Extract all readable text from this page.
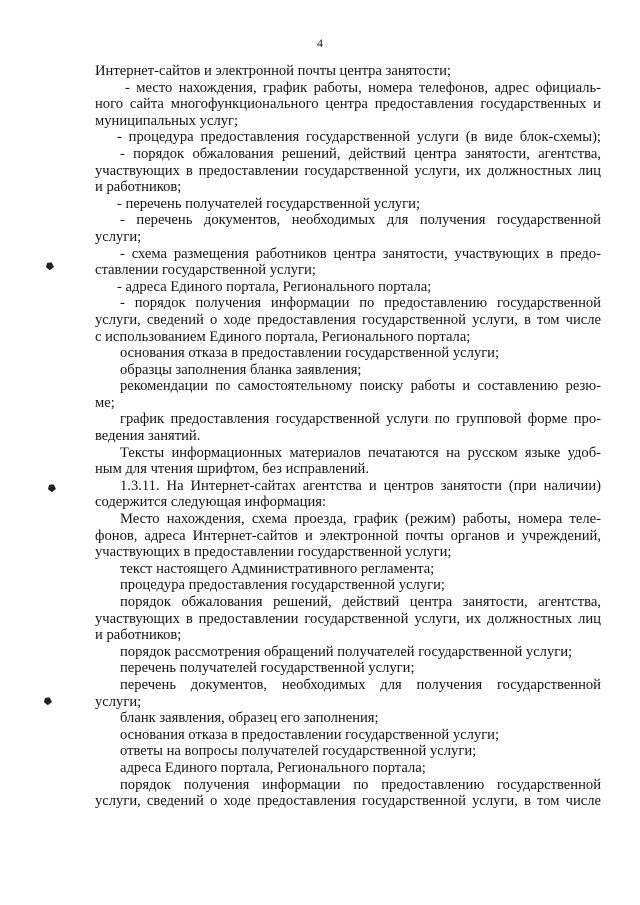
4
Интернет-сайтов и электронной почты центра занятости;
- место нахождения, график работы, номера телефонов, адрес официаль-
ного сайта многофункционального центра предоставления государственных и
муниципальных услуг;
- процедура предоставления государственной услуги (в виде блок-схемы);
- порядок обжалования решений, действий центра занятости, агентства,
участвующих в предоставлении государственной услуги, их должностных лиц
и работников;
- перечень получателей государственной услуги;
- перечень документов, необходимых для получения государственной
услуги;
- схема размещения работников центра занятости, участвующих в предо-
ставлении государственной услуги;
- адреса Единого портала, Регионального портала;
- порядок получения информации по предоставлению государственной
услуги, сведений о ходе предоставления государственной услуги, в том числе
с использованием Единого портала, Регионального портала;
основания отказа в предоставлении государственной услуги;
образцы заполнения бланка заявления;
рекомендации по самостоятельному поиску работы и составлению резю-
ме;
график предоставления государственной услуги по групповой форме про-
ведения занятий.
Тексты информационных материалов печатаются на русском языке удоб-
ным для чтения шрифтом, без исправлений.
1.3.11. На Интернет-сайтах агентства и центров занятости (при наличии)
содержится следующая информация:
Место нахождения, схема проезда, график (режим) работы, номера теле-
фонов, адреса Интернет-сайтов и электронной почты органов и учреждений,
участвующих в предоставлении государственной услуги;
текст настоящего Административного регламента;
процедура предоставления государственной услуги;
порядок обжалования решений, действий центра занятости, агентства,
участвующих в предоставлении государственной услуги, их должностных лиц
и работников;
порядок рассмотрения обращений получателей государственной услуги;
перечень получателей государственной услуги;
перечень документов, необходимых для получения государственной
услуги;
бланк заявления, образец его заполнения;
основания отказа в предоставлении государственной услуги;
ответы на вопросы получателей государственной услуги;
адреса Единого портала, Регионального портала;
порядок получения информации по предоставлению государственной
услуги, сведений о ходе предоставления государственной услуги, в том числе
